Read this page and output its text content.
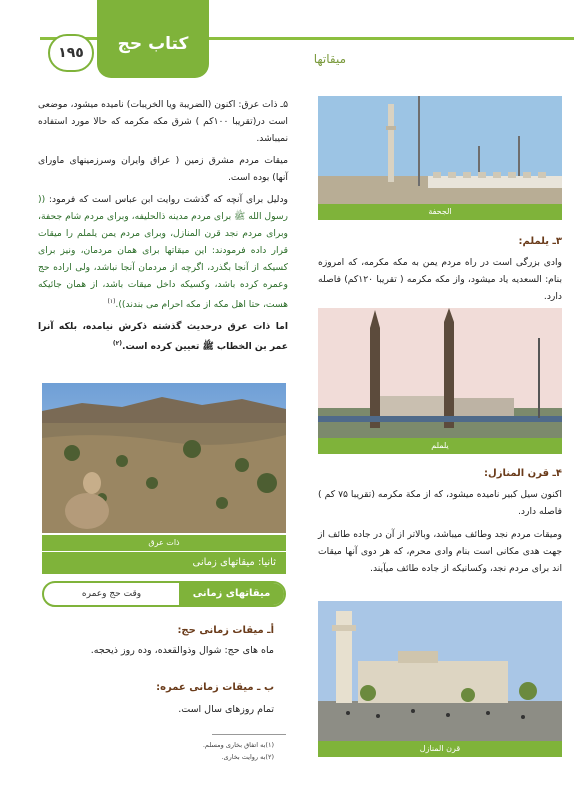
کتاب حج
١٩٥	میقاتها

۵ـ ذات عرق: اکنون (الضریبة ویا الخریبات) نامیده میشود، موضعی است در(تقریبا ۱۰۰کم ) شرق مکه مکرمه که حالا مورد استفاده نمیباشد.

میقات مردم مشرق زمین ( عراق وایران وسرزمینهای ماورای آنها) بوده است.

ودلیل برای آنچه که گذشت روایت ابن عباس است که فرمود: (( رسول الله ﷺ برای مردم مدینه ذالحلیفه، وبرای مردم شام جحفة، وبرای مردم نجد قرن المنازل، وبرای مردم یمن یلملم را میقات قرار داده فرمودند: این میقاتها برای همان مردمان، ونیز برای کسیکه از آنجا بگذرد، اگرچه از مردمان آنجا نباشد، ولی اراده حج وعمره کرده باشد، وکسیکه داخل میقات باشد، از همان جائیکه هست، حتا اهل مکه از مکه احرام می بندند)).$^{(۱)}$

اما ذات عرق درحدیث گذشته ذکرش نیامده، بلکه آنرا عمر بن الخطاب ﷺ تعیین کرده است.$^{(۲)}$

ذات عرق
ثانیا: میقاتهای زمانی
میقاتهای زمانی
وقت حج وعمره
أـ میقات زمانی حج:
ماه های حج: شوال وذوالقعده، وده روز ذیحجه.
ب ـ میقات زمانی عمره:
تمام روزهای سال است.
(۱)به اتفاق بخاری ومسلم.
(۲)به روایت بخاری.
الجحفة
۳ـ یلملم:
وادی بزرگی است در راه مردم یمن به مکه مکرمه، که امروزه بنام: السعدیه یاد میشود، واز مکه مکرمه ( تقریبا ۱۲۰کم) فاصله دارد.
یلملم
۴ـ قرن المنازل:
اکنون سیل کبیر نامیده میشود، که از مکة مکرمه (تقریبا ۷۵ کم ) فاصله دارد.
ومیقات مردم نجد وطائف میباشد، وبالاتر از آن در جاده طائف از جهت هدی مکانی است بنام وادی محرم، که هر دوی آنها میقات اند برای مردم نجد، وکسانیکه از جاده طائف میآیند.
قرن المنازل
